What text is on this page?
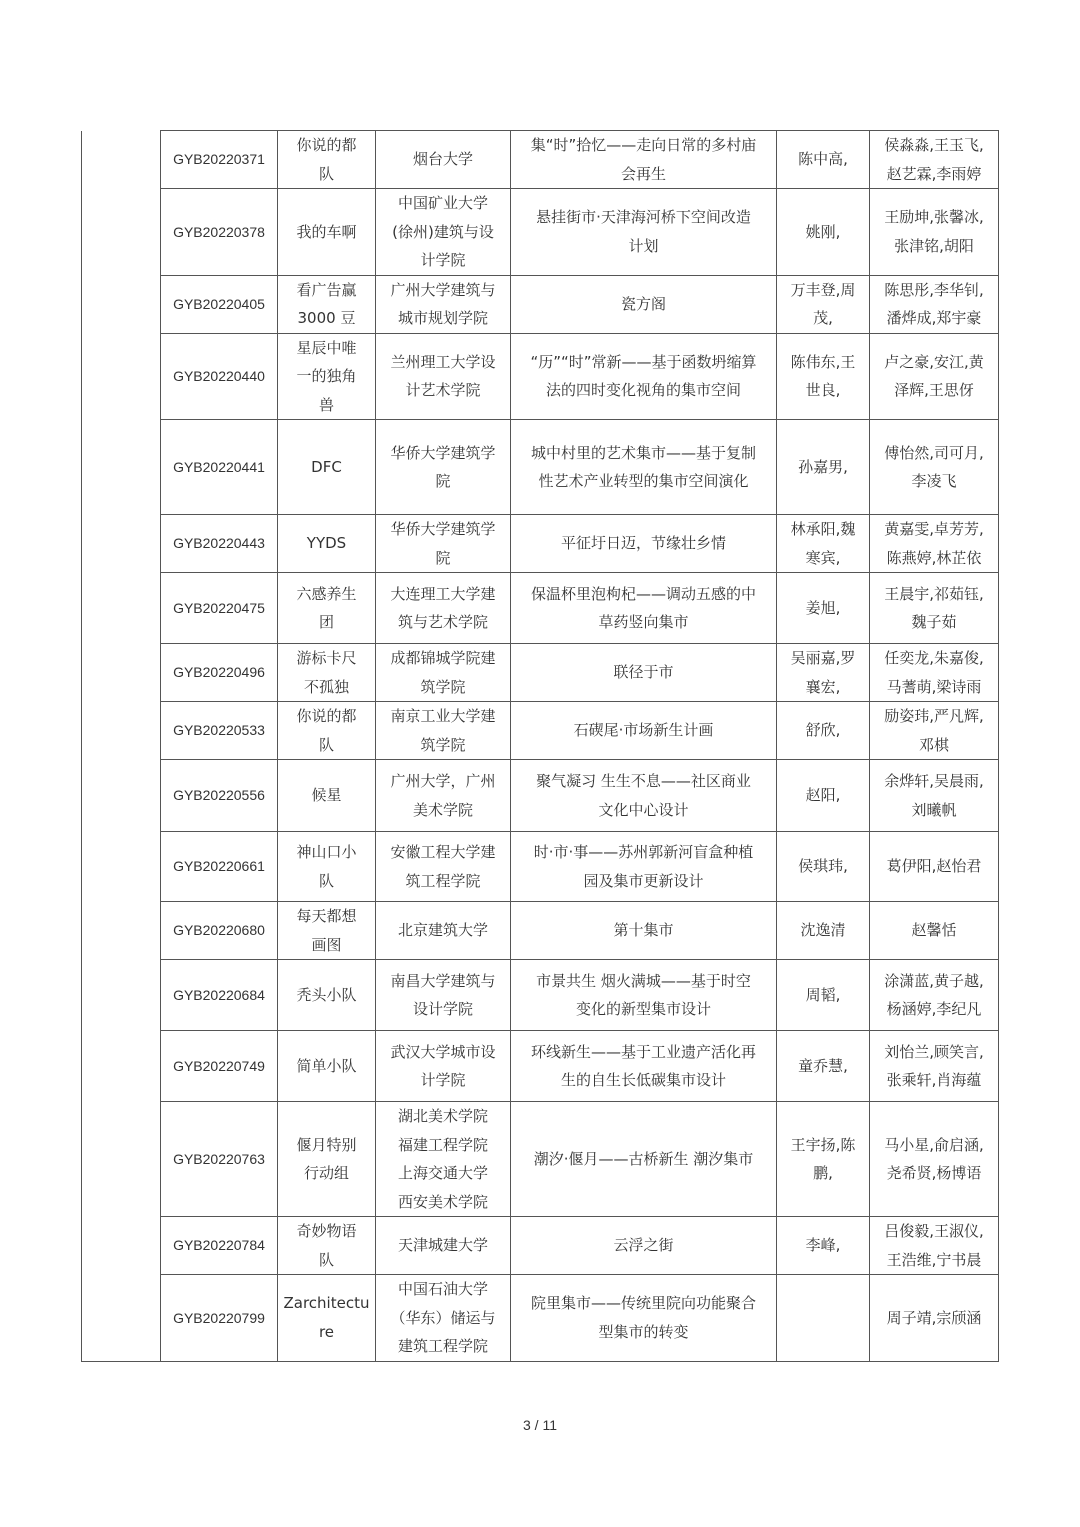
	GYB20220371	你说的都
队	烟台大学	集“时”拾忆——走向日常的多村庙
会再生	陈中高,	侯淼淼,王玉飞,
赵艺霖,李雨婷

	GYB20220378	我的车啊	中国矿业大学
(徐州)建筑与设
计学院	悬挂街市·天津海河桥下空间改造
计划	姚刚,	王励坤,张馨冰,
张津铭,胡阳

	GYB20220405	看广告赢
3000 豆	广州大学建筑与
城市规划学院	瓷方阁	万丰登,周
茂,	陈思彤,李华钊,
潘烨成,郑宇豪

	GYB20220440	星辰中唯
一的独角
兽	兰州理工大学设
计艺术学院	“历”“时”常新——基于函数坍缩算
法的四时变化视角的集市空间	陈伟东,王
世良,	卢之豪,安江,黄
泽辉,王思伢

	GYB20220441	DFC	华侨大学建筑学
院	城中村里的艺术集市——基于复制
性艺术产业转型的集市空间演化	孙嘉男,	傅怡然,司可月,
李凌飞

	GYB20220443	YYDS	华侨大学建筑学
院	平征圩日迈，节缘壮乡情	林承阳,魏
寒宾,	黄嘉雯,卓芳芳,
陈燕婷,林芷依

	GYB20220475	六感养生
团	大连理工大学建
筑与艺术学院	保温杯里泡枸杞——调动五感的中
草药竖向集市	姜旭,	王晨宇,祁茹钰,
魏子茹

	GYB20220496	游标卡尺
不孤独	成都锦城学院建
筑学院	联径于市	吴丽嘉,罗
襄宏,	任奕龙,朱嘉俊,
马蓍萌,梁诗雨

	GYB20220533	你说的都
队	南京工业大学建
筑学院	石碶尾·市场新生计画	舒欣,	励姿玮,严凡辉,
邓棋

	GYB20220556	候星	广州大学，广州
美术学院	聚气凝习 生生不息——社区商业
文化中心设计	赵阳,	余烨轩,吴晨雨,
刘曦帆

	GYB20220661	神山口小
队	安徽工程大学建
筑工程学院	时·市·事——苏州郭新河盲盒种植
园及集市更新设计	侯琪玮,	葛伊阳,赵怡君

	GYB20220680	每天都想
画图	北京建筑大学	第十集市	沈逸清	赵馨恬

	GYB20220684	秃头小队	南昌大学建筑与
设计学院	市景共生 烟火满城——基于时空
变化的新型集市设计	周韬,	涂潇蓝,黄子越,
杨涵婷,李纪凡

	GYB20220749	简单小队	武汉大学城市设
计学院	环线新生——基于工业遗产活化再
生的自生长低碳集市设计	童乔慧,	刘怡兰,顾笑言,
张乘轩,肖海蕴

	GYB20220763	偃月特别
行动组	湖北美术学院
福建工程学院
上海交通大学
西安美术学院	潮汐·偃月——古桥新生 潮汐集市	王宇扬,陈
鹏,	马小星,俞启涵,
尧希贤,杨博语

	GYB20220784	奇妙物语
队	天津城建大学	云浮之街	李峰,	吕俊毅,王淑仪,
王浩维,宁书晨

	GYB20220799	Zarchitectu
re	中国石油大学
（华东）储运与
建筑工程学院	院里集市——传统里院向功能聚合
型集市的转变		周子靖,宗颀涵
3 / 11
